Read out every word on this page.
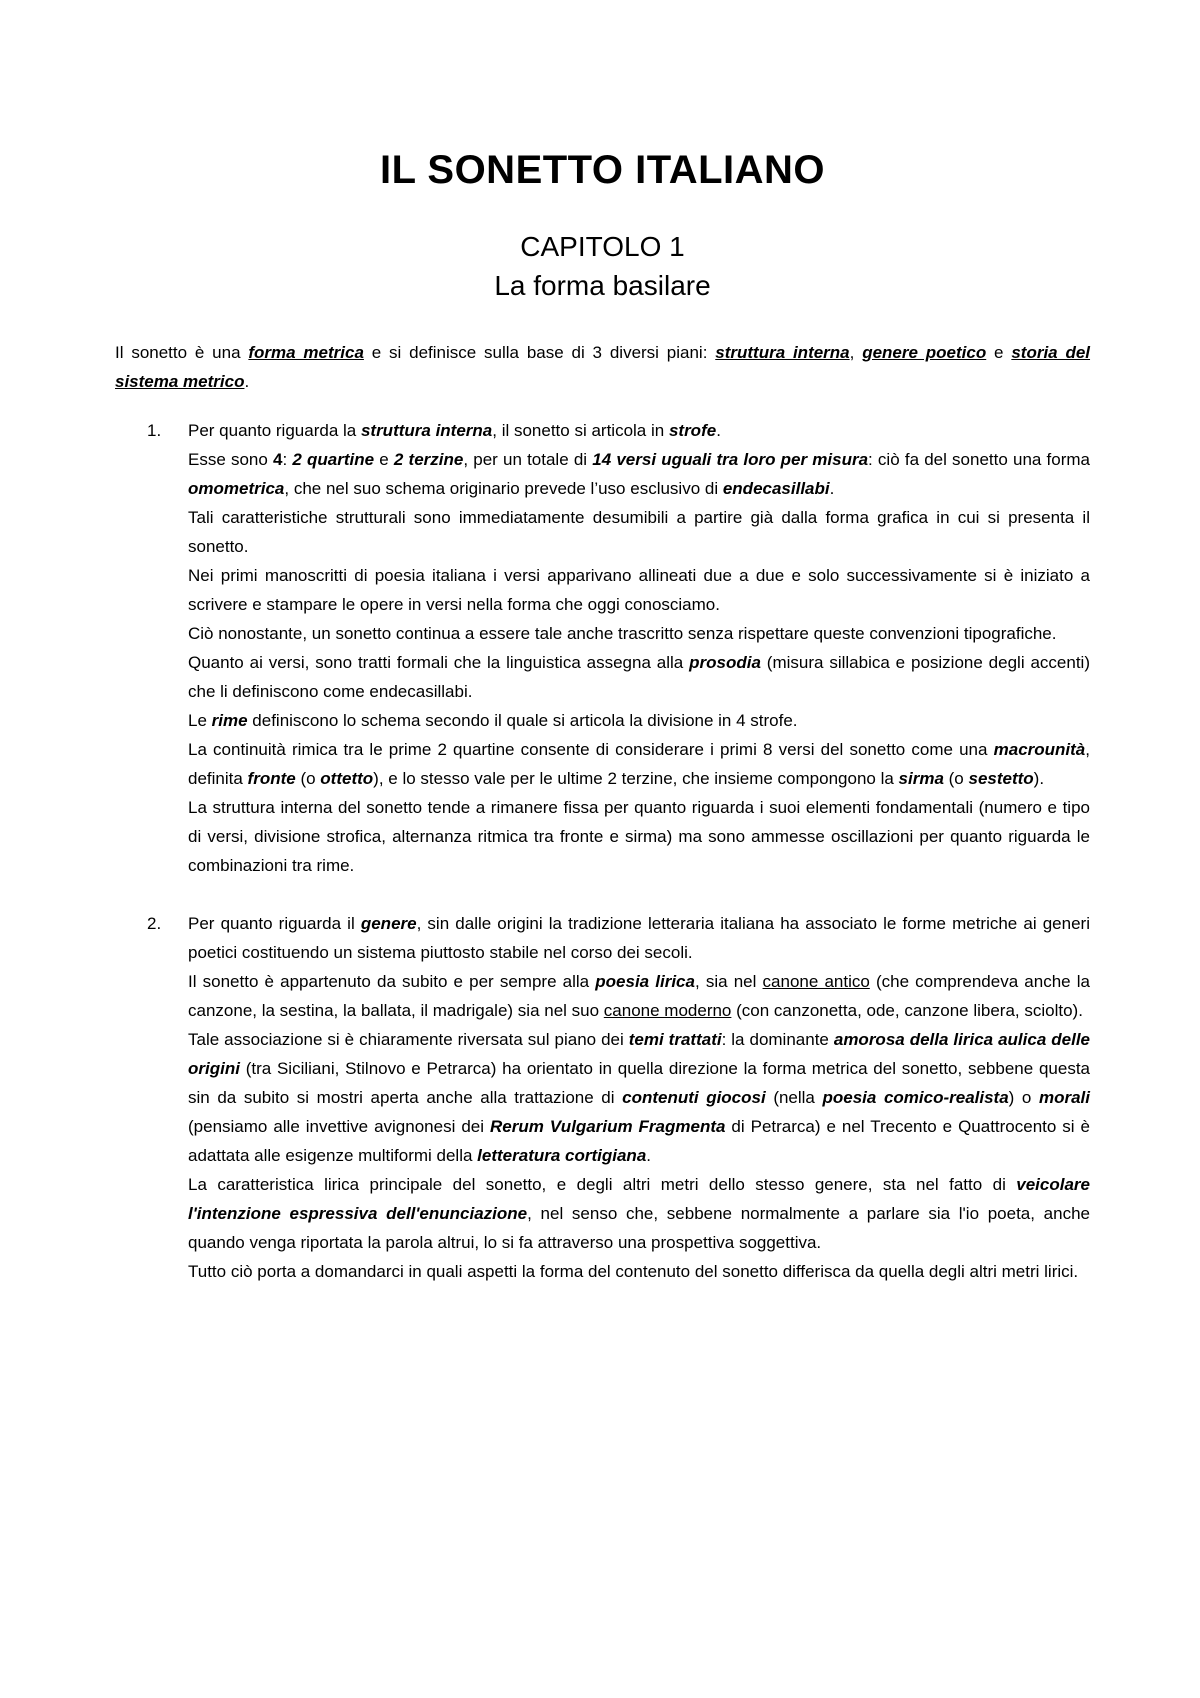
IL SONETTO ITALIANO
CAPITOLO 1
La forma basilare

Il sonetto è una forma metrica e si definisce sulla base di 3 diversi piani: struttura interna, genere poetico e storia del sistema metrico.

1. Per quanto riguarda la struttura interna, il sonetto si articola in strofe.

Esse sono 4: 2 quartine e 2 terzine, per un totale di 14 versi uguali tra loro per misura: ciò fa del sonetto una forma omometrica, che nel suo schema originario prevede l’uso esclusivo di endecasillabi.

Tali caratteristiche strutturali sono immediatamente desumibili a partire già dalla forma grafica in cui si presenta il sonetto.

Nei primi manoscritti di poesia italiana i versi apparivano allineati due a due e solo successivamente si è iniziato a scrivere e stampare le opere in versi nella forma che oggi conosciamo.

Ciò nonostante, un sonetto continua a essere tale anche trascritto senza rispettare queste convenzioni tipografiche.

Quanto ai versi, sono tratti formali che la linguistica assegna alla prosodia (misura sillabica e posizione degli accenti) che li definiscono come endecasillabi.

Le rime definiscono lo schema secondo il quale si articola la divisione in 4 strofe.

La continuità rimica tra le prime 2 quartine consente di considerare i primi 8 versi del sonetto come una macrounità, definita fronte (o ottetto), e lo stesso vale per le ultime 2 terzine, che insieme compongono la sirma (o sestetto).

La struttura interna del sonetto tende a rimanere fissa per quanto riguarda i suoi elementi fondamentali (numero e tipo di versi, divisione strofica, alternanza ritmica tra fronte e sirma) ma sono ammesse oscillazioni per quanto riguarda le combinazioni tra rime.

2. Per quanto riguarda il genere, sin dalle origini la tradizione letteraria italiana ha associato le forme metriche ai generi poetici costituendo un sistema piuttosto stabile nel corso dei secoli.

Il sonetto è appartenuto da subito e per sempre alla poesia lirica, sia nel canone antico (che comprendeva anche la canzone, la sestina, la ballata, il madrigale) sia nel suo canone moderno (con canzonetta, ode, canzone libera, sciolto).

Tale associazione si è chiaramente riversata sul piano dei temi trattati: la dominante amorosa della lirica aulica delle origini (tra Siciliani, Stilnovo e Petrarca) ha orientato in quella direzione la forma metrica del sonetto, sebbene questa sin da subito si mostri aperta anche alla trattazione di contenuti giocosi (nella poesia comico-realista) o morali (pensiamo alle invettive avignonesi dei Rerum Vulgarium Fragmenta di Petrarca) e nel Trecento e Quattrocento si è adattata alle esigenze multiformi della letteratura cortigiana.

La caratteristica lirica principale del sonetto, e degli altri metri dello stesso genere, sta nel fatto di veicolare l'intenzione espressiva dell'enunciazione, nel senso che, sebbene normalmente a parlare sia l'io poeta, anche quando venga riportata la parola altrui, lo si fa attraverso una prospettiva soggettiva.

Tutto ciò porta a domandarci in quali aspetti la forma del contenuto del sonetto differisca da quella degli altri metri lirici.
